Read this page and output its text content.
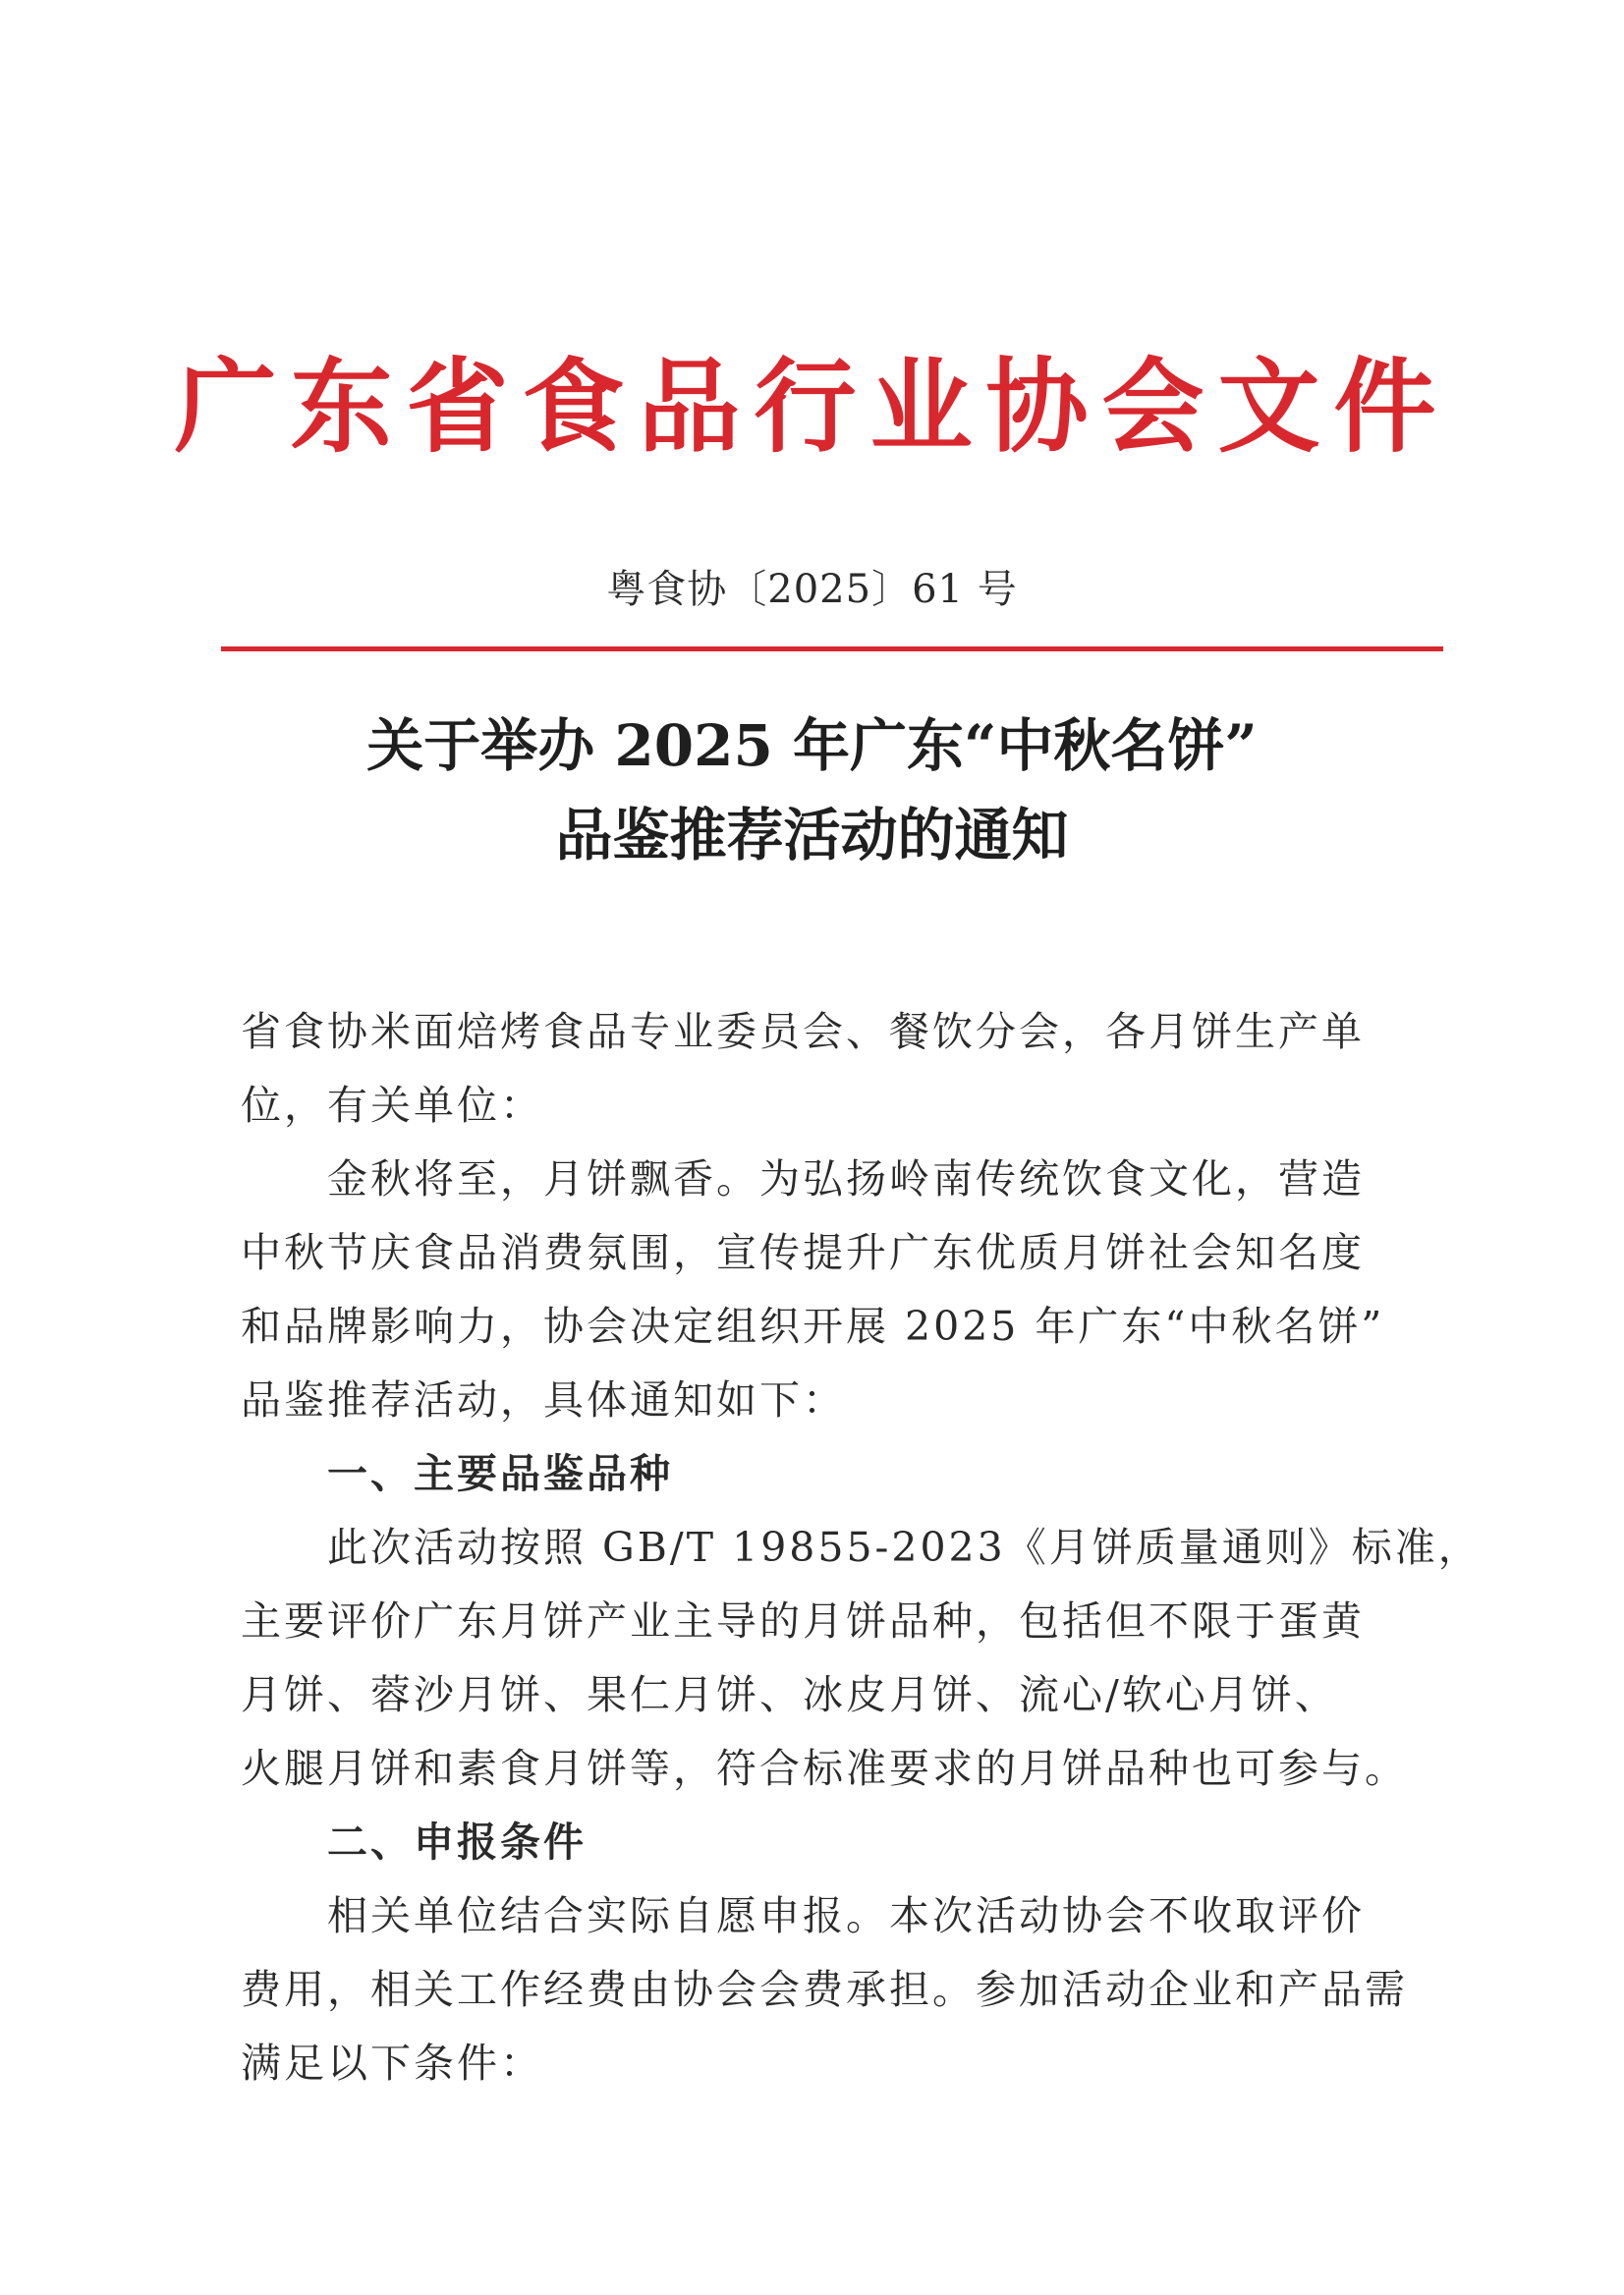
广东省食品行业协会文件
粤食协〔2025〕61 号
关于举办 2025 年广东“中秋名饼”
品鉴推荐活动的通知
省食协米面焙烤食品专业委员会、餐饮分会，各月饼生产单
位，有关单位：
金秋将至，月饼飘香。为弘扬岭南传统饮食文化，营造
中秋节庆食品消费氛围，宣传提升广东优质月饼社会知名度
和品牌影响力，协会决定组织开展 2025 年广东“中秋名饼”
品鉴推荐活动，具体通知如下：
一、主要品鉴品种
此次活动按照 GB/T 19855-2023《月饼质量通则》标准，
主要评价广东月饼产业主导的月饼品种，包括但不限于蛋黄
月饼、蓉沙月饼、果仁月饼、冰皮月饼、流心/软心月饼、
火腿月饼和素食月饼等，符合标准要求的月饼品种也可参与。
二、申报条件
相关单位结合实际自愿申报。本次活动协会不收取评价
费用，相关工作经费由协会会费承担。参加活动企业和产品需
满足以下条件：
